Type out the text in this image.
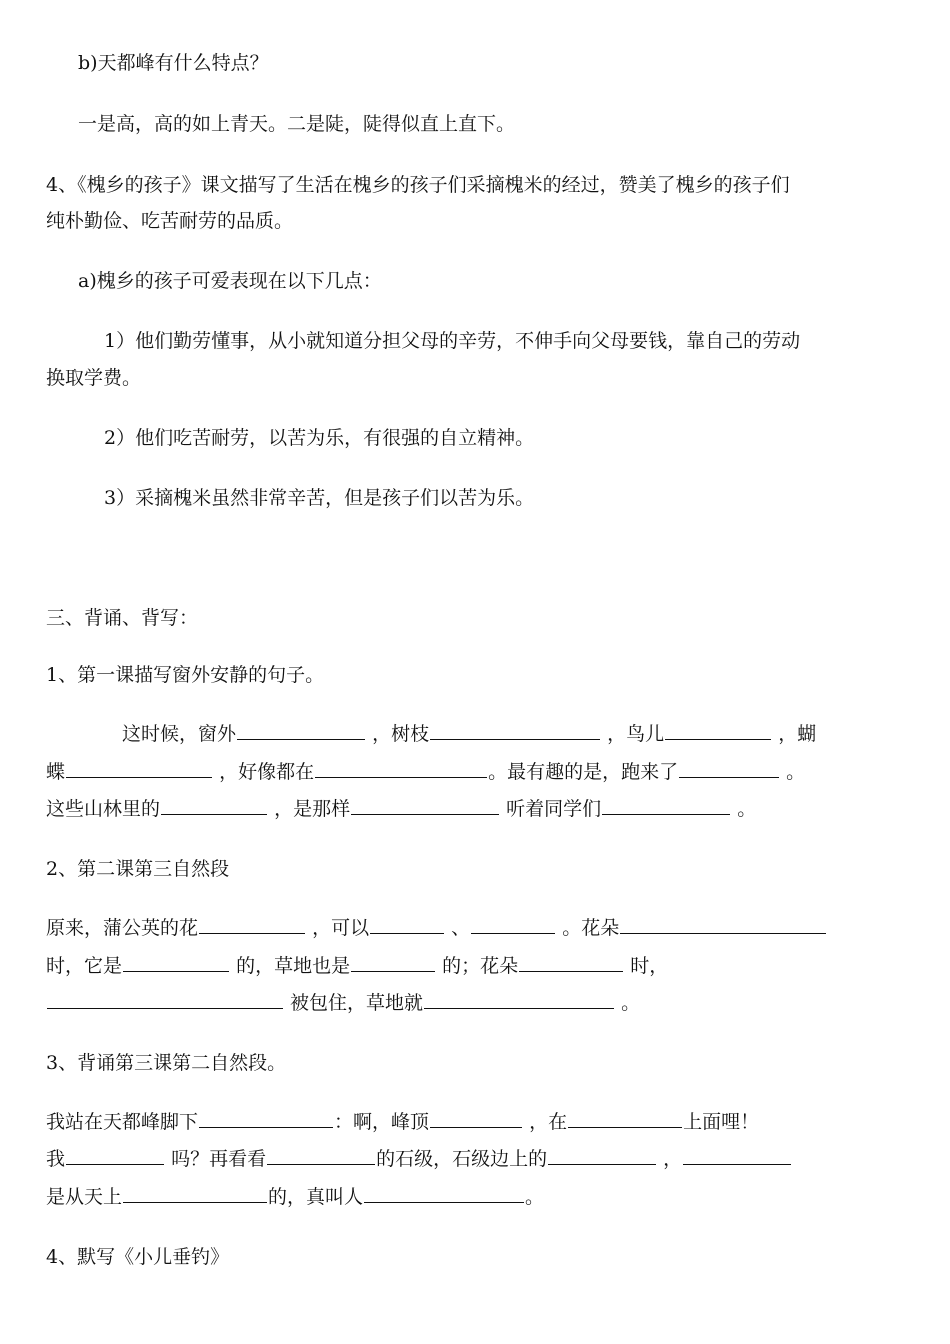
b)天都峰有什么特点？
一是高，高的如上青天。二是陡，陡得似直上直下。
4、《槐乡的孩子》课文描写了生活在槐乡的孩子们采摘槐米的经过，赞美了槐乡的孩子们
纯朴勤俭、吃苦耐劳的品质。
a)槐乡的孩子可爱表现在以下几点：
1）他们勤劳懂事，从小就知道分担父母的辛劳，不伸手向父母要钱，靠自己的劳动
换取学费。
2）他们吃苦耐劳，以苦为乐，有很强的自立精神。
3）采摘槐米虽然非常辛苦，但是孩子们以苦为乐。
三、背诵、背写：
1、第一课描写窗外安静的句子。
这时候，窗外	，树枝	，鸟儿	，蝴
蝶	，好像都在	。最有趣的是，跑来了	。
这些山林里的	，是那样	听着同学们	。
2、第二课第三自然段
原来，蒲公英的花	，可以	、	。花朵
时，它是	的，草地也是	的；花朵	时，
被包住，草地就	。
3、背诵第三课第二自然段。
我站在天都峰脚下	：啊，峰顶	，在	上面哩！
我	吗？再看看	的石级，石级边上的	，
是从天上	的，真叫人	。
4、默写《小儿垂钓》
